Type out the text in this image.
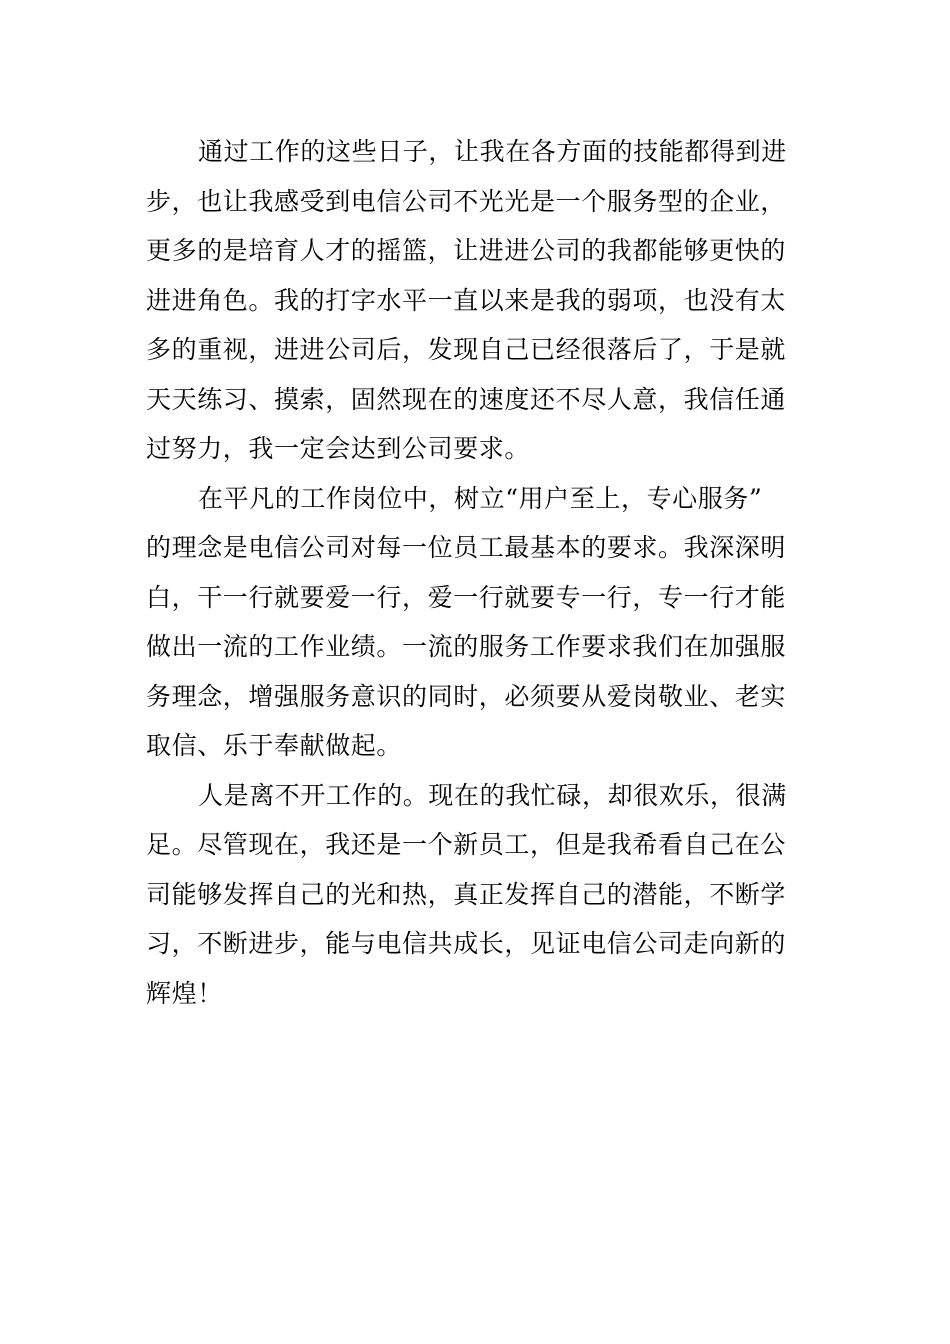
通过工作的这些日子，让我在各方面的技能都得到进
步，也让我感受到电信公司不光光是一个服务型的企业，
更多的是培育人才的摇篮，让进进公司的我都能够更快的
进进角色。我的打字水平一直以来是我的弱项，也没有太
多的重视，进进公司后，发现自己已经很落后了，于是就
天天练习、摸索，固然现在的速度还不尽人意，我信任通
过努力，我一定会达到公司要求。
在平凡的工作岗位中，树立“用户至上，专心服务”
的理念是电信公司对每一位员工最基本的要求。我深深明
白，干一行就要爱一行，爱一行就要专一行，专一行才能
做出一流的工作业绩。一流的服务工作要求我们在加强服
务理念，增强服务意识的同时，必须要从爱岗敬业、老实
取信、乐于奉献做起。
人是离不开工作的。现在的我忙碌，却很欢乐，很满
足。尽管现在，我还是一个新员工，但是我希看自己在公
司能够发挥自己的光和热，真正发挥自己的潜能，不断学
习，不断进步，能与电信共成长，见证电信公司走向新的
辉煌！
